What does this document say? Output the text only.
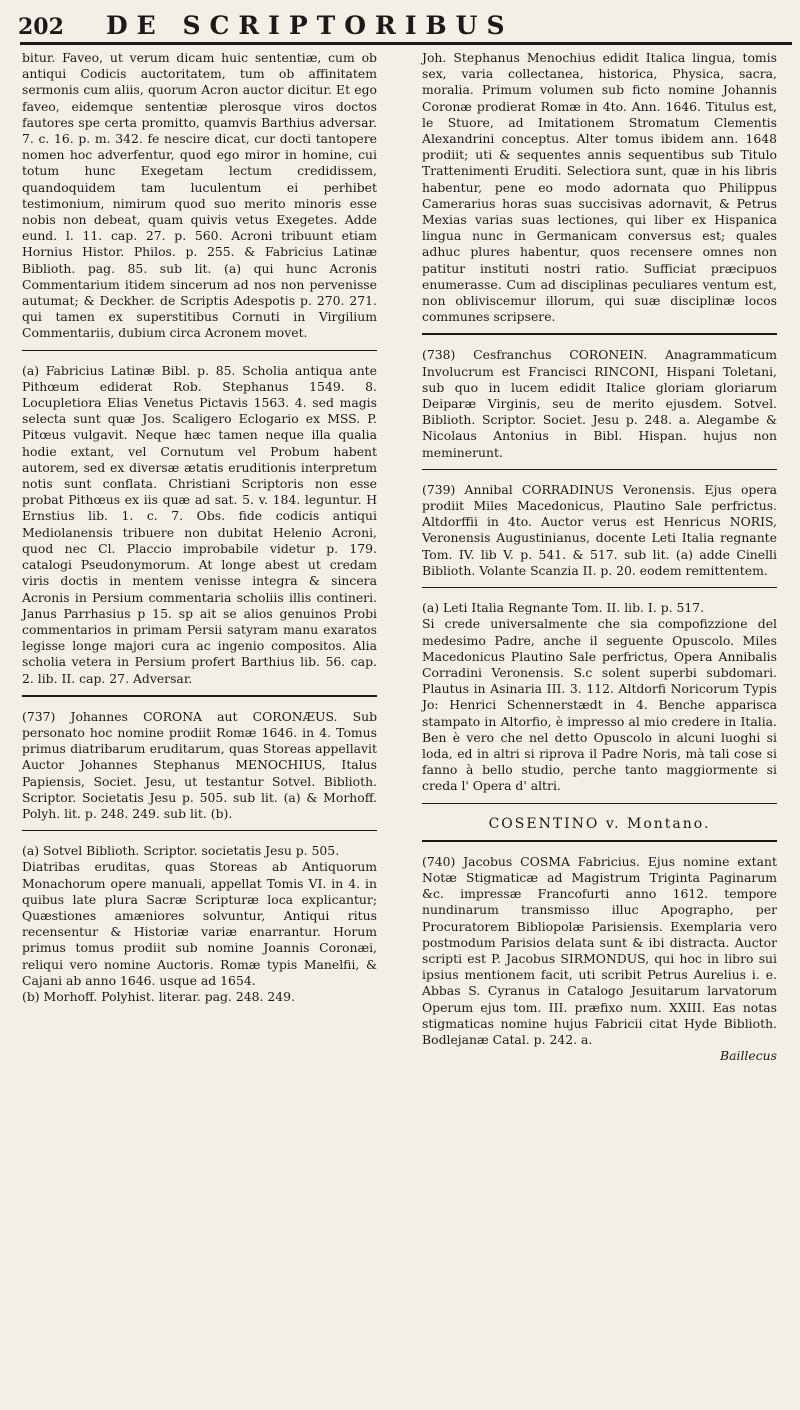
202	DE SCRIPTORIBUS

bitur. Faveo, ut verum dicam huic sententiæ, cum ob antiqui Codicis auctoritatem, tum ob affinitatem sermonis cum aliis, quorum Acron auctor dicitur. Et ego faveo, eidemque sententiæ plerosque viros doctos fautores spe certa promitto, quamvis Barthius adversar. 7. c. 16. p. m. 342. fe nescire dicat, cur docti tantopere nomen hoc adverfentur, quod ego miror in homine, cui totum hunc Exegetam lectum credidissem, quandoquidem tam luculentum ei perhibet testimonium, nimirum quod suo merito minoris esse nobis non debeat, quam quivis vetus Exegetes. Adde eund. l. 11. cap. 27. p. 560. Acroni tribuunt etiam Hornius Histor. Philos. p. 255. & Fabricius Latinæ Biblioth. pag. 85. sub lit. (a) qui hunc Acronis Commentarium itidem sincerum ad nos non pervenisse autumat; & Deckher. de Scriptis Adespotis p. 270. 271. qui tamen ex superstitibus Cornuti in Virgilium Commentariis, dubium circa Acronem movet.

(a) Fabricius Latinæ Bibl. p. 85. Scholia antiqua ante Pithœum ediderat Rob. Stephanus 1549. 8. Locupletiora Elias Venetus Pictavis 1563. 4. sed magis selecta sunt quæ Jos. Scaligero Eclogario ex MSS. P. Pitœus vulgavit. Neque hæc tamen neque illa qualia hodie extant, vel Cornutum vel Probum habent autorem, sed ex diversæ ætatis eruditionis interpretum notis sunt conflata. Christiani Scriptoris non esse probat Pithœus ex iis quæ ad sat. 5. v. 184. leguntur. H Ernstius lib. 1. c. 7. Obs. fide codicis antiqui Mediolanensis tribuere non dubitat Helenio Acroni, quod nec Cl. Placcio improbabile videtur p. 179. catalogi Pseudonymorum. At longe abest ut credam viris doctis in mentem venisse integra & sincera Acronis in Persium commentaria scholiis illis contineri. Janus Parrhasius p 15. sp ait se alios genuinos Probi commentarios in primam Persii satyram manu exaratos legisse longe majori cura ac ingenio compositos. Alia scholia vetera in Persium profert Barthius lib. 56. cap. 2. lib. II. cap. 27. Adversar.

(737) Johannes CORONA aut CORONÆUS. Sub personato hoc nomine prodiit Romæ 1646. in 4. Tomus primus diatribarum eruditarum, quas Storeas appellavit Auctor Johannes Stephanus MENOCHIUS, Italus Papiensis, Societ. Jesu, ut testantur Sotvel. Biblioth. Scriptor. Societatis Jesu p. 505. sub lit. (a) & Morhoff. Polyh. lit. p. 248. 249. sub lit. (b).

(a) Sotvel Biblioth. Scriptor. societatis Jesu p. 505.

Diatribas eruditas, quas Storeas ab Antiquorum Monachorum opere manuali, appellat Tomis VI. in 4. in quibus late plura Sacræ Scripturæ loca explicantur; Quæstiones amæniores solvuntur, Antiqui ritus recensentur & Historiæ variæ enarrantur. Horum primus tomus prodiit sub nomine Joannis Coronæi, reliqui vero nomine Auctoris. Romæ typis Manelfii, & Cajani ab anno 1646. usque ad 1654.

(b) Morhoff. Polyhist. literar. pag. 248. 249.

Joh. Stephanus Menochius edidit Italica lingua, tomis sex, varia collectanea, historica, Physica, sacra, moralia. Primum volumen sub ficto nomine Johannis Coronæ prodierat Romæ in 4to. Ann. 1646. Titulus est, le Stuore, ad Imitationem Stromatum Clementis Alexandrini conceptus. Alter tomus ibidem ann. 1648 prodiit; uti & sequentes annis sequentibus sub Titulo Trattenimenti Eruditi. Selectiora sunt, quæ in his libris habentur, pene eo modo adornata quo Philippus Camerarius horas suas succisivas adornavit, & Petrus Mexias varias suas lectiones, qui liber ex Hispanica lingua nunc in Germanicam conversus est; quales adhuc plures habentur, quos recensere omnes non patitur instituti nostri ratio. Sufficiat præcipuos enumerasse. Cum ad disciplinas peculiares ventum est, non obliviscemur illorum, qui suæ disciplinæ locos communes scripsere.

(738) Cesfranchus CORONEIN. Anagrammaticum Involucrum est Francisci RINCONI, Hispani Toletani, sub quo in lucem edidit Italice gloriam gloriarum Deiparæ Virginis, seu de merito ejusdem. Sotvel. Biblioth. Scriptor. Societ. Jesu p. 248. a. Alegambe & Nicolaus Antonius in Bibl. Hispan. hujus non meminerunt.

(739) Annibal CORRADINUS Veronensis. Ejus opera prodiit Miles Macedonicus, Plautino Sale perfrictus. Altdorffii in 4to. Auctor verus est Henricus NORIS, Veronensis Augustinianus, docente Leti Italia regnante Tom. IV. lib V. p. 541. & 517. sub lit. (a) adde Cinelli Biblioth. Volante Scanzia II. p. 20. eodem remittentem.

(a) Leti Italia Regnante Tom. II. lib. I. p. 517.

Si crede universalmente che sia compofizzione del medesimo Padre, anche il seguente Opuscolo. Miles Macedonicus Plautino Sale perfrictus, Opera Annibalis Corradini Veronensis. S.c solent superbi subdomari. Plautus in Asinaria III. 3. 112. Altdorfi Noricorum Typis Jo: Henrici Schennerstædt in 4. Benche apparisca stampato in Altorfio, è impresso al mio credere in Italia. Ben è vero che nel detto Opuscolo in alcuni luoghi si loda, ed in altri si riprova il Padre Noris, mà tali cose si fanno à bello studio, perche tanto maggiormente si creda l' Opera d' altri.

COSENTINO v. Montano.

(740) Jacobus COSMA Fabricius. Ejus nomine extant Notæ Stigmaticæ ad Magistrum Triginta Paginarum &c. impressæ Francofurti anno 1612. tempore nundinarum transmisso illuc Apographo, per Procuratorem Bibliopolæ Parisiensis. Exemplaria vero postmodum Parisios delata sunt & ibi distracta. Auctor scripti est P. Jacobus SIRMONDUS, qui hoc in libro sui ipsius mentionem facit, uti scribit Petrus Aurelius i. e. Abbas S. Cyranus in Catalogo Jesuitarum larvatorum Operum ejus tom. III. præfixo num. XXIII. Eas notas stigmaticas nomine hujus Fabricii citat Hyde Biblioth. Bodlejanæ Catal. p. 242. a.

Baillecus
